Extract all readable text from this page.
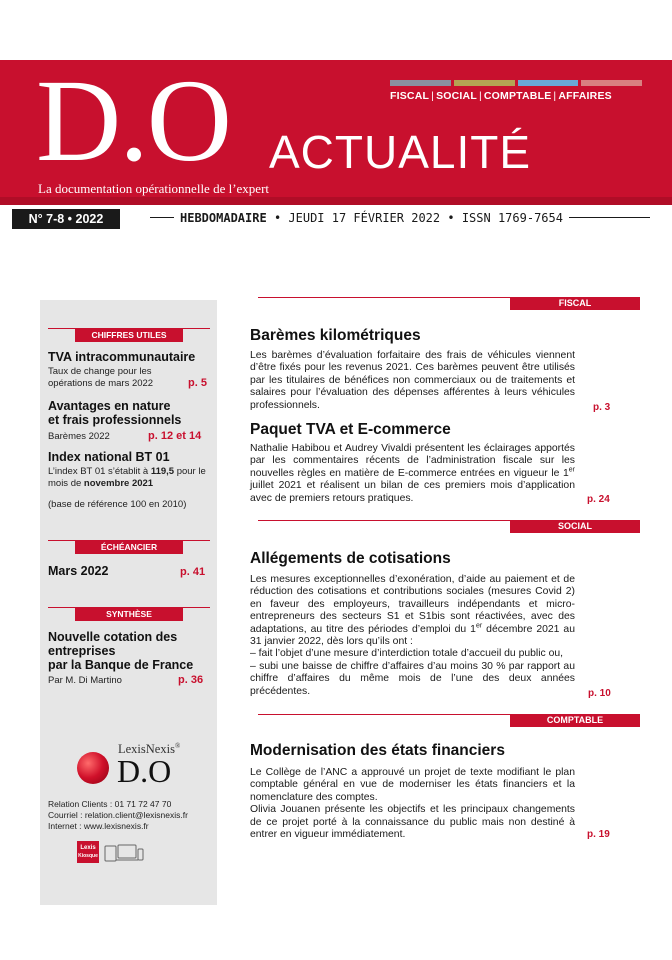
D.O ACTUALITÉ
La documentation opérationnelle de l’expert
FISCAL | SOCIAL | COMPTABLE | AFFAIRES
N° 7-8 • 2022	HEBDOMADAIRE • JEUDI 17 FÉVRIER 2022 • ISSN 1769-7654
CHIFFRES UTILES
TVA intracommunautaire
Taux de change pour les opérations de mars 2022	p. 5
Avantages en nature
et frais professionnels
Barèmes 2022	p. 12 et 14
Index national BT 01
L’index BT 01 s’établit à 119,5 pour le mois de novembre 2021
(base de référence 100 en 2010)
ÉCHÉANCIER
Mars 2022	p. 41
SYNTHÈSE
Nouvelle cotation des
entreprises
par la Banque de France
Par M. Di Martino	p. 36
LexisNexis®
D.O
Relation Clients : 01 71 72 47 70
Courriel : relation.client@lexisnexis.fr
Internet : www.lexisnexis.fr
Lexis
Kiosque
FISCAL
Barèmes kilométriques
Les barèmes d’évaluation forfaitaire des frais de véhicules viennent d’être fixés pour les revenus 2021. Ces barèmes peuvent être utilisés par les titulaires de bénéfices non commerciaux ou de traitements et salaires pour l’évaluation des dépenses afférentes à leurs véhicules professionnels.	p. 3
Paquet TVA et E-commerce
Nathalie Habibou et Audrey Vivaldi présentent les éclairages apportés par les commentaires récents de l’administration fiscale sur les nouvelles règles en matière de E-commerce entrées en vigueur le 1er juillet 2021 et réalisent un bilan de ces premiers mois d’application avec de premiers retours pratiques.	p. 24
SOCIAL
Allégements de cotisations

Les mesures exceptionnelles d’exonération, d’aide au paiement et de réduction des cotisations et contributions sociales (mesures Covid 2) en faveur des employeurs, travailleurs indépendants et micro-entrepreneurs des secteurs S1 et S1bis sont réactivées, avec des adaptations, au titre des périodes d’emploi du 1er décembre 2021 au 31 janvier 2022, dès lors qu’ils ont :

– fait l’objet d’une mesure d’interdiction totale d’accueil du public ou,

– subi une baisse de chiffre d’affaires d’au moins 30 % par rapport au chiffre d’affaires du même mois de l’une des deux années précédentes.	p. 10
COMPTABLE
Modernisation des états financiers

Le Collège de l’ANC a approuvé un projet de texte modifiant le plan comptable général en vue de moderniser les états financiers et la nomenclature des comptes.

Olivia Jouanen présente les objectifs et les principaux changements de ce projet porté à la connaissance du public mais non destiné à entrer en vigueur immédiatement.	p. 19
